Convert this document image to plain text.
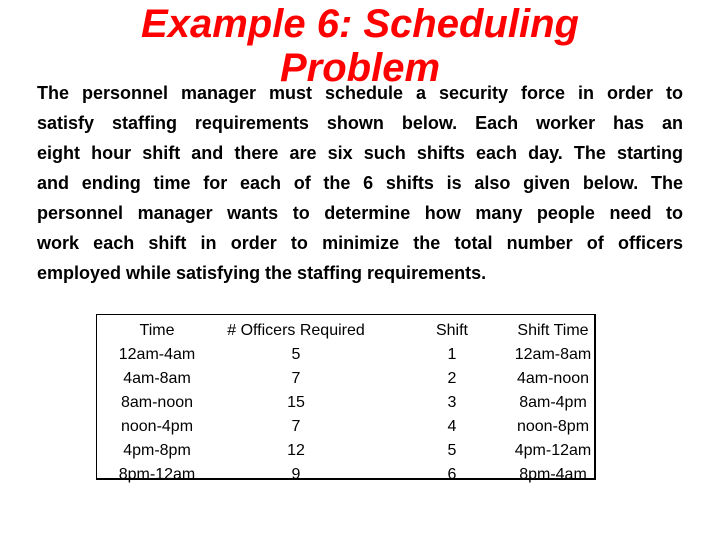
Example 6: Scheduling
Problem
The personnel manager must schedule a security force in order to
satisfy staffing requirements shown below. Each worker has an
eight hour shift and there are six such shifts each day. The starting
and ending time for each of the 6 shifts is also given below. The
personnel manager wants to determine how many people need to
work each shift in order to minimize the total number of officers
employed while satisfying the staffing requirements.
Time
12am-4am
4am-8am
8am-noon
noon-4pm
4pm-8pm
8pm-12am
# Officers Required
5
7
15
7
12
9
Shift
1
2
3
4
5
6
Shift Time
12am-8am
4am-noon
8am-4pm
noon-8pm
4pm-12am
8pm-4am
